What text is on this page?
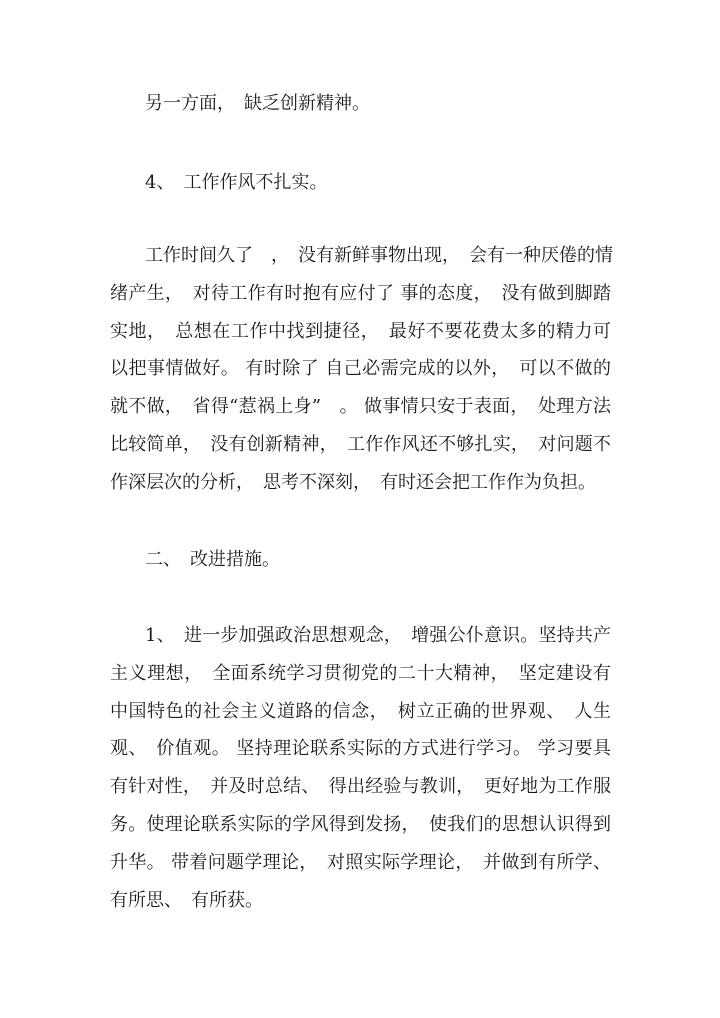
另一方面，　缺乏创新精神。
4、　工作作风不扎实。
工作时间久了　，　没有新鲜事物出现，　会有一种厌倦的情
绪产生，　对待工作有时抱有应付了 事的态度，　没有做到脚踏
实地，　总想在工作中找到捷径，　最好不要花费太多的精力可
以把事情做好。 有时除了 自己必需完成的以外，　可以不做的
就不做，　省得“惹祸上身”　。 做事情只安于表面，　处理方法
比较简单，　没有创新精神，　工作作风还不够扎实，　对问题不
作深层次的分析，　思考不深刻，　有时还会把工作作为负担。
二、　改进措施。
1、　进一步加强政治思想观念，　增强公仆意识。坚持共产
主义理想，　全面系统学习贯彻党的二十大精神，　坚定建设有
中国特色的社会主义道路的信念，　树立正确的世界观、　人生
观、　价值观。 坚持理论联系实际的方式进行学习。 学习要具
有针对性，　并及时总结、　得出经验与教训，　更好地为工作服
务。使理论联系实际的学风得到发扬，　使我们的思想认识得到
升华。 带着问题学理论，　对照实际学理论，　并做到有所学、
有所思、　有所获。
